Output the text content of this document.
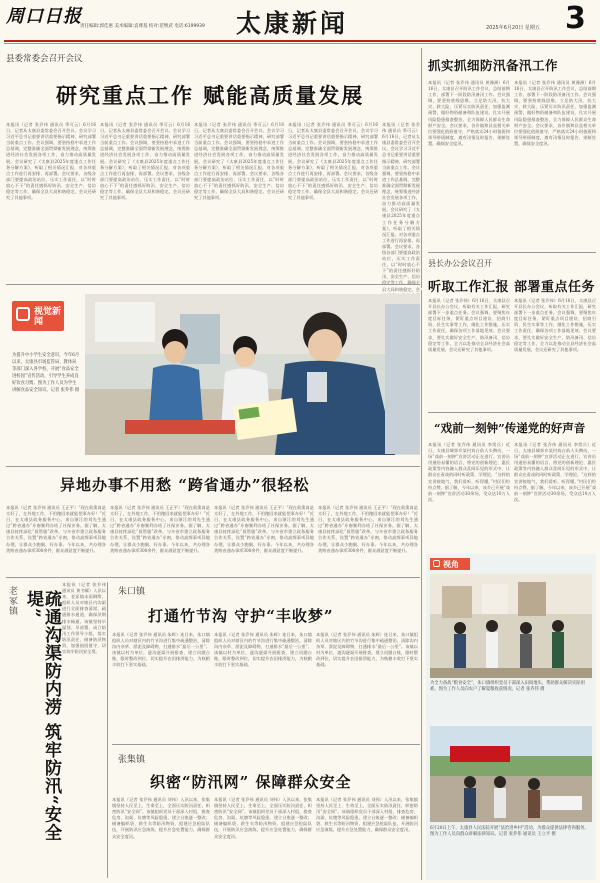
周口日报
责任编辑:郭佳惠 美术编辑:袁尊基 校对:范继武 电话:6199939 太康新闻	2025年6月20日 星期五 3
县委常委会召开会议
研究重点工作 赋能高质量发展
本报讯（记者 张乔伟 通讯员 季可云）6月16日，记者从太康县委常委会召开会议。会议学习习近平总书记重要讲话重要指示精神，研究部署当前重点工作。会议强调，要坚持稳中求进工作总基调，完整准确全面贯彻新发展理念，统筹推进经济社会发展各项工作，奋力推动高质量发展。会议研究了《太康县2025年度重点工作任务分解方案》，听取了相关情况汇报，对各项重点工作进行再安排、再部署。会议要求，各级各部门要提高政治站位，压实工作责任，以“时时放心不下”的责任感抓好防汛、安全生产、信访稳定等工作，确保全县大局和谐稳定。会议还研究了其他事项。
本报讯（记者 张乔伟 通讯员 季可云）6月16日，记者从太康县委常委会召开会议。会议学习习近平总书记重要讲话重要指示精神，研究部署当前重点工作。会议强调，要坚持稳中求进工作总基调，完整准确全面贯彻新发展理念，统筹推进经济社会发展各项工作，奋力推动高质量发展。会议研究了《太康县2025年度重点工作任务分解方案》，听取了相关情况汇报，对各项重点工作进行再安排、再部署。会议要求，各级各部门要提高政治站位，压实工作责任，以“时时放心不下”的责任感抓好防汛、安全生产、信访稳定等工作，确保全县大局和谐稳定。会议还研究了其他事项。
本报讯（记者 张乔伟 通讯员 季可云）6月16日，记者从太康县委常委会召开会议。会议学习习近平总书记重要讲话重要指示精神，研究部署当前重点工作。会议强调，要坚持稳中求进工作总基调，完整准确全面贯彻新发展理念，统筹推进经济社会发展各项工作，奋力推动高质量发展。会议研究了《太康县2025年度重点工作任务分解方案》，听取了相关情况汇报，对各项重点工作进行再安排、再部署。会议要求，各级各部门要提高政治站位，压实工作责任，以“时时放心不下”的责任感抓好防汛、安全生产、信访稳定等工作，确保全县大局和谐稳定。会议还研究了其他事项。
本报讯（记者 张乔伟 通讯员 季可云）6月16日，记者从太康县委常委会召开会议。会议学习习近平总书记重要讲话重要指示精神，研究部署当前重点工作。会议强调，要坚持稳中求进工作总基调，完整准确全面贯彻新发展理念，统筹推进经济社会发展各项工作，奋力推动高质量发展。会议研究了《太康县2025年度重点工作任务分解方案》，听取了相关情况汇报，对各项重点工作进行再安排、再部署。会议要求，各级各部门要提高政治站位，压实工作责任，以“时时放心不下”的责任感抓好防汛、安全生产、信访稳定等工作，确保全县大局和谐稳定。会议还研究了其他事项。
本报讯（记者 张乔伟 通讯员 季可云）6月16日，记者从太康县委常委会召开会议。会议学习习近平总书记重要讲话重要指示精神，研究部署当前重点工作。会议强调，要坚持稳中求进工作总基调，完整准确全面贯彻新发展理念，统筹推进经济社会发展各项工作，奋力推动高质量发展。会议研究了《太康县2025年度重点工作任务分解方案》，听取了相关情况汇报，对各项重点工作进行再安排、再部署。会议要求，各级各部门要提高政治站位，压实工作责任，以“时时放心不下”的责任感抓好防汛、安全生产、信访稳定等工作，确保全县大局和谐稳定。会
视觉新闻
为提升中小学生安全意识，今年6月以来，太康县市场监管局、教体局等部门深入各学校，开展“食品安全进校园”宣传活动，引导学生养成良好饮食习惯。图为工作人员为学生讲解食品安全知识。记者 张乔伟 摄
异地办事不用愁 “跨省通办”很轻松
本报讯（记者 张乔伟 通讯员 王正平）“现在政策真是太好了，在外地工作，不用跑回来就能把事办好！”近日，在太康县政务服务中心，来自浙江的刘先生通过“跨省通办”专窗顺利办结了社保业务。据了解，太康县持续深化“放管服”改革，与多省市建立政务服务合作关系，设置“跨省通办”专窗，推动高频事项异地办理，让群众少跑腿、好办事。今年以来，共办理各类跨省通办事项300余件，群众满意度不断提升。
本报讯（记者 张乔伟 通讯员 王正平）“现在政策真是太好了，在外地工作，不用跑回来就能把事办好！”近日，在太康县政务服务中心，来自浙江的刘先生通过“跨省通办”专窗顺利办结了社保业务。据了解，太康县持续深化“放管服”改革，与多省市建立政务服务合作关系，设置“跨省通办”专窗，推动高频事项异地办理，让群众少跑腿、好办事。今年以来，共办理各类跨省通办事项300余件，群众满意度不断提升。
本报讯（记者 张乔伟 通讯员 王正平）“现在政策真是太好了，在外地工作，不用跑回来就能把事办好！”近日，在太康县政务服务中心，来自浙江的刘先生通过“跨省通办”专窗顺利办结了社保业务。据了解，太康县持续深化“放管服”改革，与多省市建立政务服务合作关系，设置“跨省通办”专窗，推动高频事项异地办理，让群众少跑腿、好办事。今年以来，共办理各类跨省通办事项300余件，群众满意度不断提升。
本报讯（记者 张乔伟 通讯员 王正平）“现在政策真是太好了，在外地工作，不用跑回来就能把事办好！”近日，在太康县政务服务中心，来自浙江的刘先生通过“跨省通办”专窗顺利办结了社保业务。据了解，太康县持续深化“放管服”改革，与多省市建立政务服务合作关系，设置“跨省通办”专窗，推动高频事项异地办理，让群众少跑腿、好办事。今年以来，共办理各类跨省通办事项300余件，群众满意度不断提升。
老冢镇	疏通沟渠防内涝 筑牢防汛“安全堤”
本报讯（记者 张乔伟 通讯员 黄书耀）入汛以来，老冢镇未雨绸缪，组织人员对辖区内沟渠进行全面排查清淤，疏通排水通道，确保汛期排水畅通。该镇坚持早谋划、早部署，成立防汛工作领导小组，落实防汛责任，储备防汛物资，加强值班值守，切实筑牢防汛安全堤。
朱口镇
打通竹节沟 守护“丰收梦”
本报讯（记者 张乔伟 通讯员 朱辉）连日来，朱口镇组织人员对辖区内的竹节沟进行集中疏通整治，清除沟内杂草、淤泥及障碍物，打通排水“最后一公里”。该镇以村为单位，逐沟逐渠开展排查，建立问题台账，限时整改到位，切实提升农田排涝能力，为秋粮丰收打下坚实基础。
本报讯（记者 张乔伟 通讯员 朱辉）连日来，朱口镇组织人员对辖区内的竹节沟进行集中疏通整治，清除沟内杂草、淤泥及障碍物，打通排水“最后一公里”。该镇以村为单位，逐沟逐渠开展排查，建立问题台账，限时整改到位，切实提升农田排涝能力，为秋粮丰收打下坚实基础。
本报讯（记者 张乔伟 通讯员 朱辉）连日来，朱口镇组织人员对辖区内的竹节沟进行集中疏通整治，清除沟内杂草、淤泥及障碍物，打通排水“最后一公里”。该镇以村为单位，逐沟逐渠开展排查，建立问题台账，限时整改到位，切实提升农田排涝能力，为秋粮丰收打下坚实基础。
张集镇
织密“防汛网” 保障群众安全
本报讯（记者 张乔伟 通讯员 刘伟）入汛以来，张集镇坚持人民至上、生命至上，全面压实防汛责任，织密防汛“安全网”。该镇组织党员干部深入村组，排查危房、沟渠、坑塘等风险隐患，建立台账逐一整改；储备编织袋、救生衣等防汛物资，组建应急抢险队伍，开展防汛应急演练，提升应急处置能力，确保群众安全度汛。
本报讯（记者 张乔伟 通讯员 刘伟）入汛以来，张集镇坚持人民至上、生命至上，全面压实防汛责任，织密防汛“安全网”。该镇组织党员干部深入村组，排查危房、沟渠、坑塘等风险隐患，建立台账逐一整改；储备编织袋、救生衣等防汛物资，组建应急抢险队伍，开展防汛应急演练，提升应急处置能力，确保群众安全度汛。
本报讯（记者 张乔伟 通讯员 刘伟）入汛以来，张集镇坚持人民至上、生命至上，全面压实防汛责任，织密防汛“安全网”。该镇组织党员干部深入村组，排查危房、沟渠、坑塘等风险隐患，建立台账逐一整改；储备编织袋、救生衣等防汛物资，组建应急抢险队伍，开展防汛应急演练，提升应急处置能力，确保群众安全度汛。
抓实抓细防汛备汛工作
本报讯（记者 张乔伟 通讯员 黄豫洲）6月16日，太康县召开防汛工作会议，总结前期工作，部署下一阶段防汛备汛工作。会议强调，要坚持底线思维，立足防大汛、抗大灾、救大险，压紧压实防汛责任，加强监测预警，做好物资储备和队伍建设，扎实开展风险隐患排查整治，全力保障人民群众生命财产安全。会议要求，各乡镇和县直相关单位要强化值班值守，严格落实24小时值班和领导带班制度，遇有汛情及时报告、果断处置，确保安全度汛。
本报讯（记者 张乔伟 通讯员 黄豫洲）6月16日，太康县召开防汛工作会议，总结前期工作，部署下一阶段防汛备汛工作。会议强调，要坚持底线思维，立足防大汛、抗大灾、救大险，压紧压实防汛责任，加强监测预警，做好物资储备和队伍建设，扎实开展风险隐患排查整治，全力保障人民群众生命财产安全。会议要求，各乡镇和县直相关单位要强化值班值守，严格落实24小时值班和领导带班制度，遇有汛情及时报告、果断处置，确保安全度汛。
县长办公会议召开
听取工作汇报 部署重点任务
本报讯（记者 张乔伟）6月16日，太康县召开县长办公会议，听取有关工作汇报，研究部署下一步重点任务。会议强调，要聚焦年度目标任务，紧盯重点项目建设、招商引资、民生实事等工作，细化工作措施，压实工作责任，确保各项工作落地见效。会议要求，要扎实做好安全生产、防汛备汛、信访稳定等工作，全力以赴推动全县经济社会高质量发展。会议还研究了其他事项。
本报讯（记者 张乔伟）6月16日，太康县召开县长办公会议，听取有关工作汇报，研究部署下一步重点任务。会议强调，要聚焦年度目标任务，紧盯重点项目建设、招商引资、民生实事等工作，细化工作措施，压实工作责任，确保各项工作落地见效。会议要求，要扎实做好安全生产、防汛备汛、信访稳定等工作，全力以赴推动全县经济社会高质量发展。会议还研究了其他事项。
“戏前一刻钟”传递党的好声音
本报讯（记者 张乔伟 通讯员 李常兵）近日，太康县城郊乡某村戏台前人头攒动，一场“戏前一刻钟”宣讲活动正在进行。宣讲员用通俗易懂的语言，将党的创新理论、惠民政策等内容融入群众喜闻乐见的形式中，让群众在看戏的同时听政策、学理论。“这样的宣讲接地气，我们爱听、听得懂。”村民们纷纷点赞。据了解，今年以来，该乡已开展“戏前一刻钟”宣讲活动30余场，受众达10万人次。
本报讯（记者 张乔伟 通讯员 李常兵）近日，太康县城郊乡某村戏台前人头攒动，一场“戏前一刻钟”宣讲活动正在进行。宣讲员用通俗易懂的语言，将党的创新理论、惠民政策等内容融入群众喜闻乐见的形式中，让群众在看戏的同时听政策、学理论。“这样的宣讲接地气，我们爱听、听得懂。”村民们纷纷点赞。据了解，今年以来，该乡已开展“戏前一刻钟”宣讲活动30余场，受众达10万人次。
视角
为全力备战“粮食安全”，朱口镇组织党员干部深入田间地头，帮助群众解决实际困难。图为工作人员向农户了解夏粮收获情况。记者 张乔伟 摄
6月20日上午，太康县人民法院开展“法治进乡村”活动，为群众提供法律咨询服务。图为工作人员向群众讲解法律知识。记者 张乔伟 通讯员 王立平 摄
